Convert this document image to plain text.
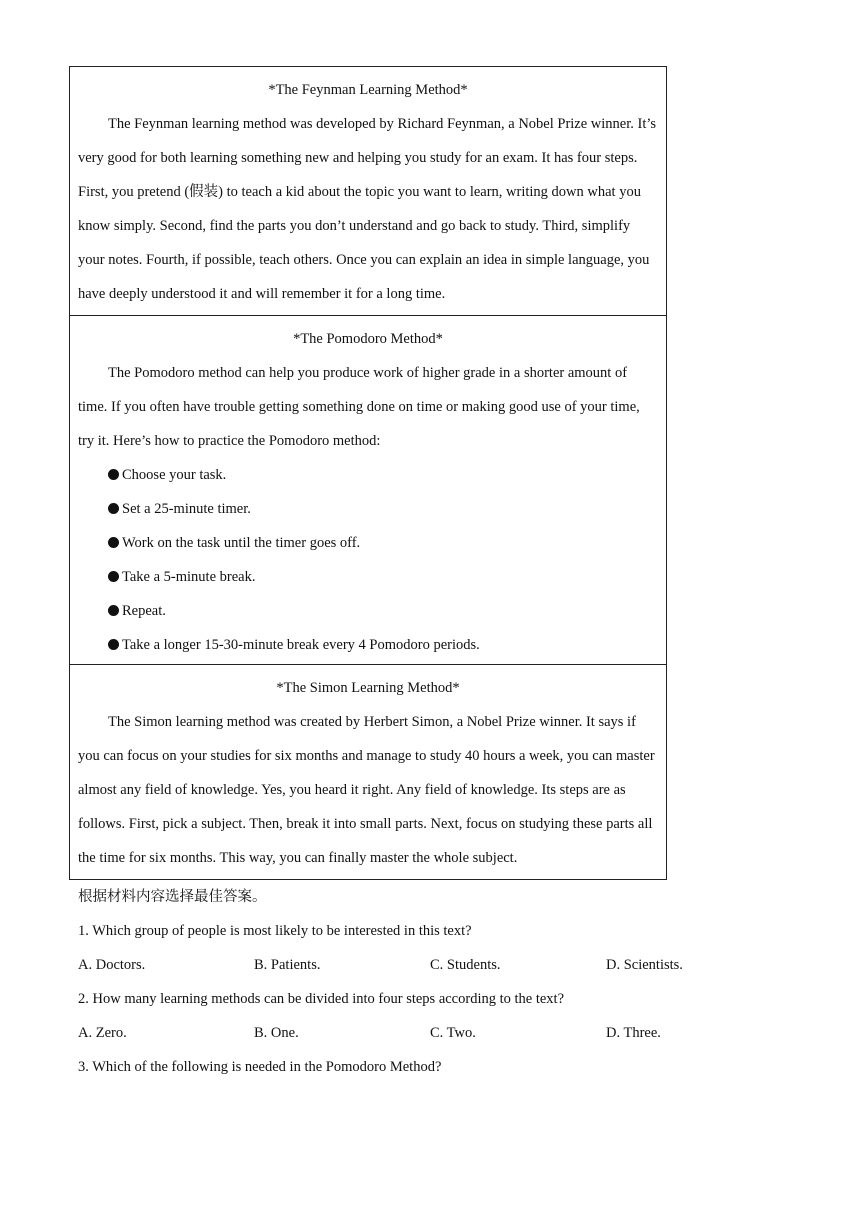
*The Feynman Learning Method*

The Feynman learning method was developed by Richard Feynman, a Nobel Prize winner. It’s very good for both learning something new and helping you study for an exam. It has four steps. First, you pretend (假装) to teach a kid about the topic you want to learn, writing down what you know simply. Second, find the parts you don’t understand and go back to study. Third, simplify your notes. Fourth, if possible, teach others. Once you can explain an idea in simple language, you have deeply understood it and will remember it for a long time.

*The Pomodoro Method*

The Pomodoro method can help you produce work of higher grade in a shorter amount of time. If you often have trouble getting something done on time or making good use of your time, try it. Here’s how to practice the Pomodoro method:

Choose your task.
Set a 25-minute timer.
Work on the task until the timer goes off.
Take a 5-minute break.
Repeat.
Take a longer 15-30-minute break every 4 Pomodoro periods.
*The Simon Learning Method*

The Simon learning method was created by Herbert Simon, a Nobel Prize winner. It says if you can focus on your studies for six months and manage to study 40 hours a week, you can master almost any field of knowledge. Yes, you heard it right. Any field of knowledge. Its steps are as follows. First, pick a subject. Then, break it into small parts. Next, focus on studying these parts all the time for six months. This way, you can finally master the whole subject.

根据材料内容选择最佳答案。
1. Which group of people is most likely to be interested in this text?
A. Doctors.	B. Patients.	C. Students.	D. Scientists.
2. How many learning methods can be divided into four steps according to the text?
A. Zero.	B. One.	C. Two.	D. Three.
3. Which of the following is needed in the Pomodoro Method?
